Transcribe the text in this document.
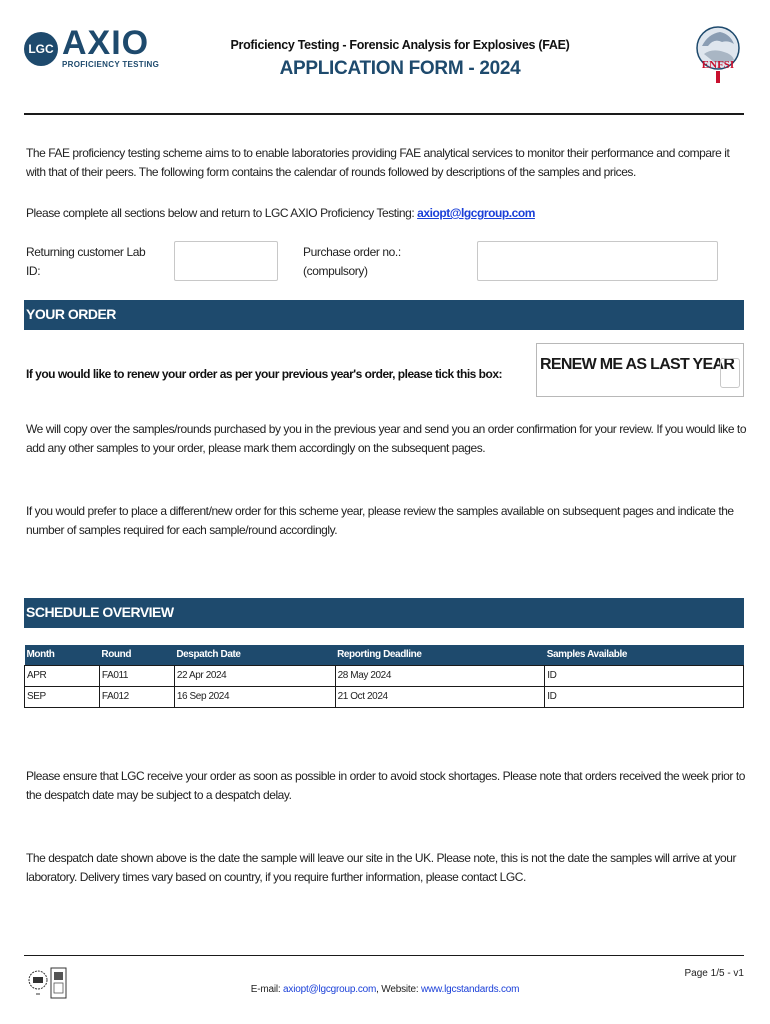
LGC AXIO
PROFICIENCY TESTING
Proficiency Testing - Forensic Analysis for Explosives (FAE)
APPLICATION FORM - 2024	ENFSI

The FAE proficiency testing scheme aims to to enable laboratories providing FAE analytical services to monitor their performance and compare it with that of their peers. The following form contains the calendar of rounds followed by descriptions of the samples and prices.

Please complete all sections below and return to LGC AXIO Proficiency Testing: axiopt@lgcgroup.com

Returning customer Lab
ID:
Purchase order no.:
(compulsory)
YOUR ORDER
If you would like to renew your order as per your previous year's order, please tick this box:
RENEW ME AS LAST YEAR

We will copy over the samples/rounds purchased by you in the previous year and send you an order confirmation for your review. If you would like to add any other samples to your order, please mark them accordingly on the subsequent pages.

If you would prefer to place a different/new order for this scheme year, please review the samples available on subsequent pages and indicate the number of samples required for each sample/round accordingly.

SCHEDULE OVERVIEW
Month	Round	Despatch Date	Reporting Deadline	Samples Available
APR	FA011	22 Apr 2024	28 May 2024	ID
SEP	FA012	16 Sep 2024	21 Oct 2024	ID

Please ensure that LGC receive your order as soon as possible in order to avoid stock shortages. Please note that orders received the week prior to the despatch date may be subject to a despatch delay.

The despatch date shown above is the date the sample will leave our site in the UK. Please note, this is not the date the samples will arrive at your laboratory. Delivery times vary based on country, if you require further information, please contact LGC.

Page 1/5 - v1
E-mail: axiopt@lgcgroup.com, Website: www.lgcstandards.com
